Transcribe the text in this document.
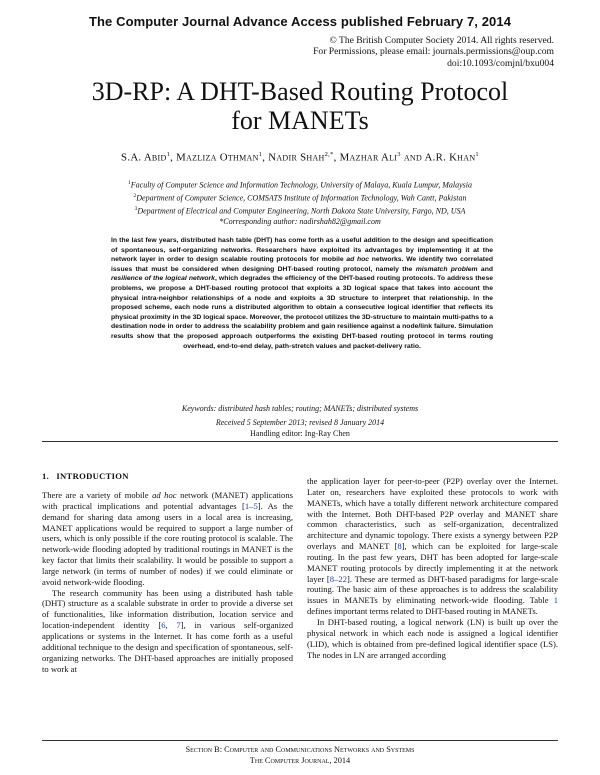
The Computer Journal Advance Access published February 7, 2014
© The British Computer Society 2014. All rights reserved.
For Permissions, please email: journals.permissions@oup.com
doi:10.1093/comjnl/bxu004
3D-RP: A DHT-Based Routing Protocol
for MANETs
S.A. Abid$^1$, Mazliza Othman$^1$, Nadir Shah$^{2,*}$, Mazhar Ali$^3$ and A.R. Khan$^1$
$^1$Faculty of Computer Science and Information Technology, University of Malaya, Kuala Lumpur, Malaysia
$^2$Department of Computer Science, COMSATS Institute of Information Technology, Wah Cantt, Pakistan
$^3$Department of Electrical and Computer Engineering, North Dakota State University, Fargo, ND, USA
*Corresponding author: nadirshah82@gmail.com
In the last few years, distributed hash table (DHT) has come forth as a useful addition to the design and specification of spontaneous, self-organizing networks. Researchers have exploited its advantages by implementing it at the network layer in order to design scalable routing protocols for mobile ad hoc networks. We identify two correlated issues that must be considered when designing DHT-based routing protocol, namely the mismatch problem and resilience of the logical network, which degrades the efficiency of the DHT-based routing protocols. To address these problems, we propose a DHT-based routing protocol that exploits a 3D logical space that takes into account the physical intra-neighbor relationships of a node and exploits a 3D structure to interpret that relationship. In the proposed scheme, each node runs a distributed algorithm to obtain a consecutive logical identifier that reflects its physical proximity in the 3D logical space. Moreover, the protocol utilizes the 3D-structure to maintain multi-paths to a destination node in order to address the scalability problem and gain resilience against a node/link failure. Simulation results show that the proposed approach outperforms the existing DHT-based routing protocol in terms routing overhead, end-to-end delay, path-stretch values and packet-delivery ratio.
Keywords: distributed hash tables; routing; MANETs; distributed systems
Received 5 September 2013; revised 8 January 2014
Handling editor: Ing-Ray Chen
1. INTRODUCTION

There are a variety of mobile ad hoc network (MANET) applications with practical implications and potential advantages [1–5]. As the demand for sharing data among users in a local area is increasing, MANET applications would be required to support a large number of users, which is only possible if the core routing protocol is scalable. The network-wide flooding adopted by traditional routings in MANET is the key factor that limits their scalability. It would be possible to support a large network (in terms of number of nodes) if we could eliminate or avoid network-wide flooding.

The research community has been using a distributed hash table (DHT) structure as a scalable substrate in order to provide a diverse set of functionalities, like information distribution, location service and location-independent identity [6, 7], in various self-organized applications or systems in the Internet. It has come forth as a useful additional technique to the design and specification of spontaneous, self-organizing networks. The DHT-based approaches are initially proposed to work at

the application layer for peer-to-peer (P2P) overlay over the Internet. Later on, researchers have exploited these protocols to work with MANETs, which have a totally different network architecture compared with the Internet. Both DHT-based P2P overlay and MANET share common characteristics, such as self-organization, decentralized architecture and dynamic topology. There exists a synergy between P2P overlays and MANET [8], which can be exploited for large-scale routing. In the past few years, DHT has been adopted for large-scale MANET routing protocols by directly implementing it at the network layer [8–22]. These are termed as DHT-based paradigms for large-scale routing. The basic aim of these approaches is to address the scalability issues in MANETs by eliminating network-wide flooding. Table 1 defines important terms related to DHT-based routing in MANETs.

In DHT-based routing, a logical network (LN) is built up over the physical network in which each node is assigned a logical identifier (LID), which is obtained from pre-defined logical identifier space (LS). The nodes in LN are arranged according

Section B: Computer and Communications Networks and Systems
The Computer Journal, 2014
